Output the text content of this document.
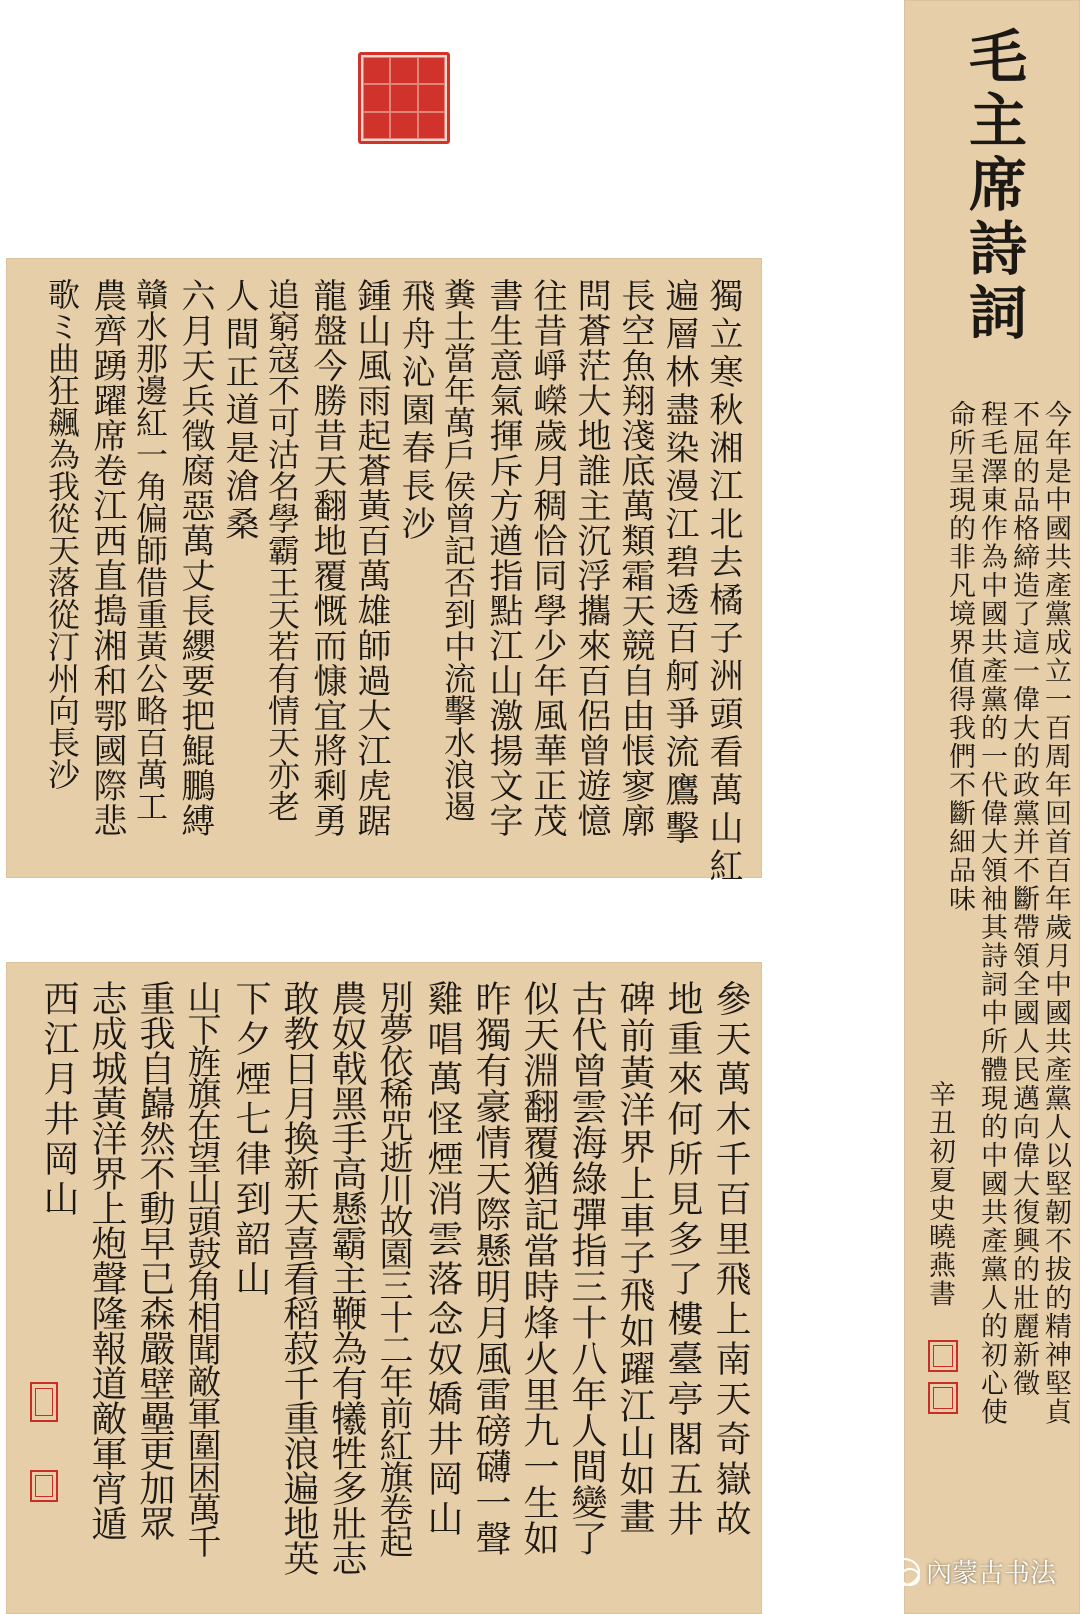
毛主席詩詞
今年是中國共產黨成立一百周年回首百年歲月中國共產黨人以堅韌不拔的精神堅貞
不屈的品格締造了這一偉大的政黨并不斷帶領全國人民邁向偉大復興的壯麗新徵
程毛澤東作為中國共產黨的一代偉大領袖其詩詞中所體現的中國共產黨人的初心使
命所呈現的非凡境界值得我們不斷細品味
辛丑初夏史曉燕書
獨立寒秋湘江北去橘子洲頭看萬山紅
遍層林盡染漫江碧透百舸爭流鷹擊
長空魚翔淺底萬類霜天競自由悵寥廓
問蒼茫大地誰主沉浮攜來百侶曾遊憶
往昔崢嶸歲月稠恰同學少年風華正茂
書生意氣揮斥方遒指點江山激揚文字
糞土當年萬戶侯曾記否到中流擊水浪遏
飛舟沁園春長沙
鍾山風雨起蒼黃百萬雄師過大江虎踞
龍盤今勝昔天翻地覆慨而慷宜將剩勇
追窮寇不可沽名學霸王天若有情天亦老
人間正道是滄桑
六月天兵徵腐惡萬丈長纓要把鯤鵬縛
贛水那邊紅一角偏師借重黃公略百萬工
農齊踴躍席卷江西直搗湘和鄂國際悲
歌ミ曲狂飆為我從天落從汀州向長沙
參天萬木千百里飛上南天奇嶽故
地重來何所見多了樓臺亭閣五井
碑前黃洋界上車子飛如躍江山如畫
古代曾雲海綠彈指三十八年人間變了
似天淵翻覆猶記當時烽火里九一生如
昨獨有豪情天際懸明月風雷磅礴一聲
雞唱萬怪煙消雲落念奴嬌井岡山
別夢依稀咒逝川故園三十二年前紅旗卷起
農奴戟黑手高懸霸主鞭為有犧牲多壯志
敢教日月換新天喜看稻菽千重浪遍地英
下夕煙七律到韶山
山下旌旗在望山頭鼓角相聞敵軍圍困萬千
重我自巋然不動早已森嚴壁壘更加眾
志成城黃洋界上炮聲隆報道敵軍宵遁
西江月井岡山
內蒙古书法
